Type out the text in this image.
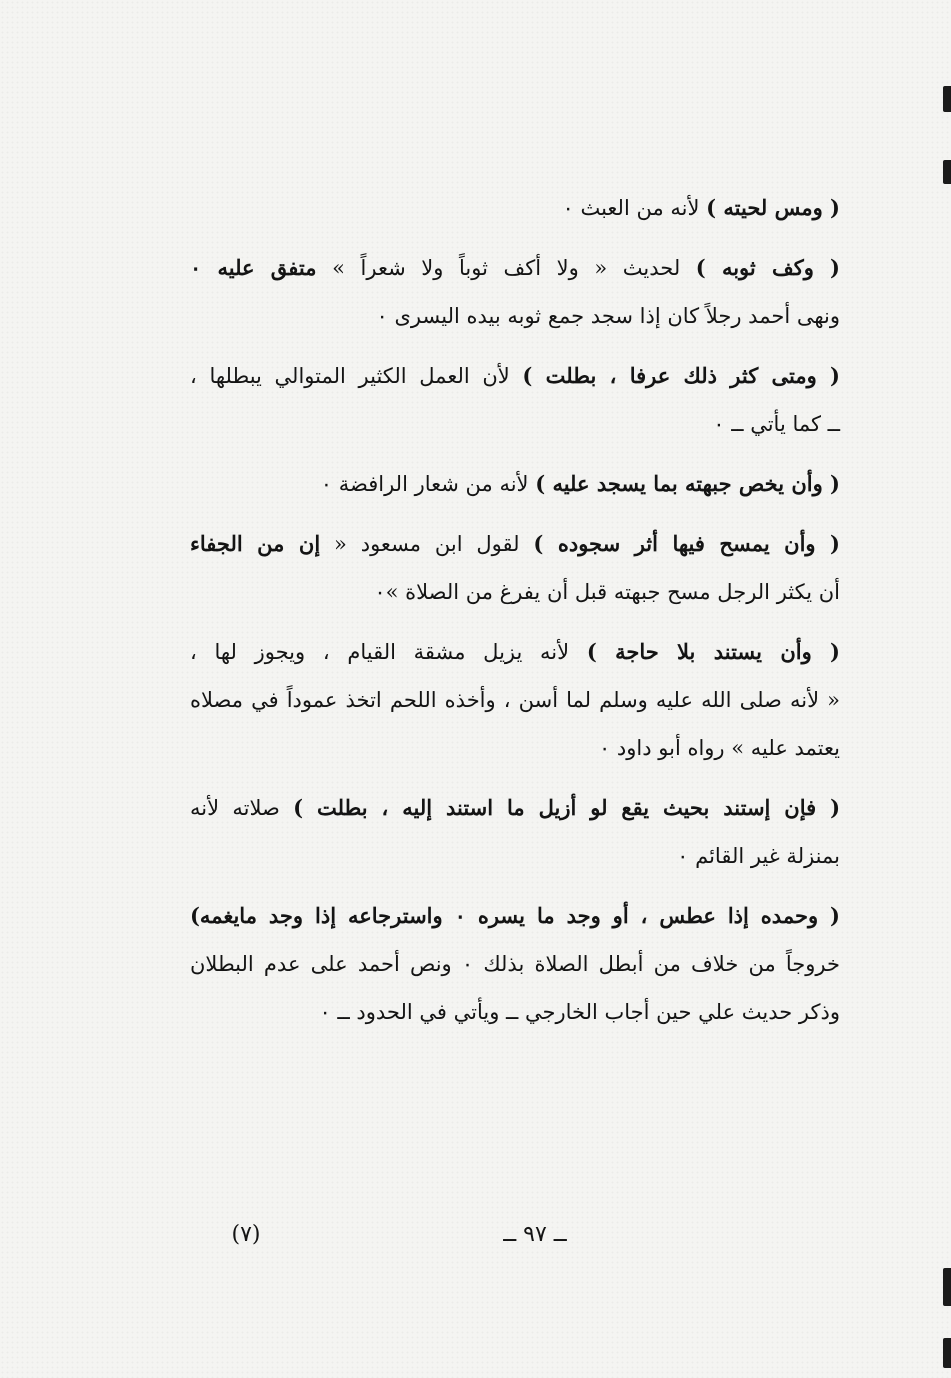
( ومس لحيته ) لأنه من العبث ٠
( وكف ثوبه ) لحديث « ولا أكف ثوباً ولا شعراً » متفق عليه ٠
ونهى أحمد رجلاً كان إذا سجد جمع ثوبه بيده اليسرى ٠
( ومتى كثر ذلك عرفا ، بطلت ) لأن العمل الكثير المتوالي يبطلها ،
ــ كما يأتي ــ ٠
( وأن يخص جبهته بما يسجد عليه ) لأنه من شعار الرافضة ٠
( وأن يمسح فيها أثر سجوده ) لقول ابن مسعود « إن من الجفاء
أن يكثر الرجل مسح جبهته قبل أن يفرغ من الصلاة »٠
( وأن يستند بلا حاجة ) لأنه يزيل مشقة القيام ، ويجوز لها ،
« لأنه صلى الله عليه وسلم لما أسن ، وأخذه اللحم اتخذ عموداً في مصلاه
يعتمد عليه » رواه أبو داود ٠
( فإن إستند بحيث يقع لو أزيل ما استند إليه ، بطلت ) صلاته لأنه
بمنزلة غير القائم ٠
( وحمده إذا عطس ، أو وجد ما يسره ٠ واسترجاعه إذا وجد مايغمه)
خروجاً من خلاف من أبطل الصلاة بذلك ٠ ونص أحمد على عدم البطلان
وذكر حديث علي حين أجاب الخارجي ــ ويأتي في الحدود ــ ٠
ــ ٩٧ ــ
(٧)
